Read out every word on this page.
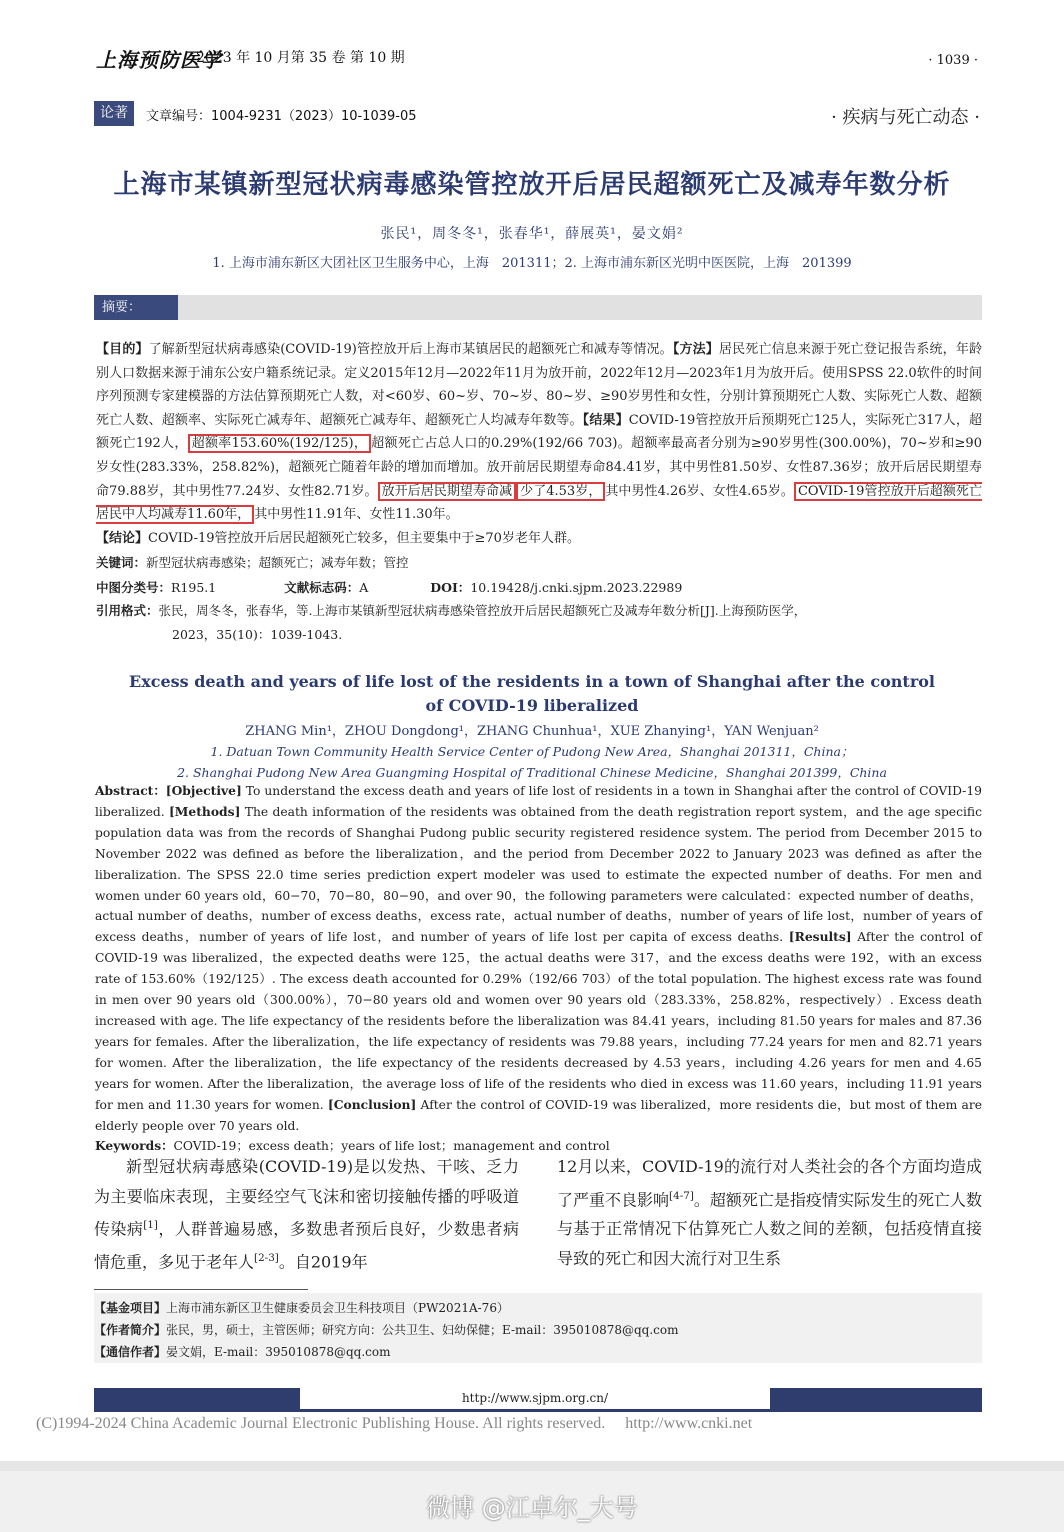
上海预防医学
2023 年 10 月第 35 卷 第 10 期	· 1039 ·
论著	文章编号：1004-9231（2023）10-1039-05	· 疾病与死亡动态 ·
上海市某镇新型冠状病毒感染管控放开后居民超额死亡及减寿年数分析
张民¹，周冬冬¹，张春华¹，薛展英¹，晏文娟²
1. 上海市浦东新区大团社区卫生服务中心，上海　201311；2. 上海市浦东新区光明中医医院，上海　201399
摘要：
【目的】了解新型冠状病毒感染(COVID-19)管控放开后上海市某镇居民的超额死亡和减寿等情况。【方法】居民死亡信息来源于死亡登记报告系统，年龄别人口数据来源于浦东公安户籍系统记录。定义2015年12月—2022年11月为放开前，2022年12月—2023年1月为放开后。使用SPSS 22.0软件的时间序列预测专家建模器的方法估算预期死亡人数，对<60岁、60~岁、70~岁、80~岁、≥90岁男性和女性，分别计算预期死亡人数、实际死亡人数、超额死亡人数、超额率、实际死亡减寿年、超额死亡减寿年、超额死亡人均减寿年数等。【结果】COVID-19管控放开后预期死亡125人，实际死亡317人，超额死亡192人， 超额率153.60%(192/125)， 超额死亡占总人口的0.29%(192/66 703)。超额率最高者分别为≥90岁男性(300.00%)，70~岁和≥90岁女性(283.33%，258.82%)，超额死亡随着年龄的增加而增加。放开前居民期望寿命84.41岁，其中男性81.50岁、女性87.36岁；放开后居民期望寿命79.88岁，其中男性77.24岁、女性82.71岁。 放开后居民期望寿命减 少了4.53岁， 其中男性4.26岁、女性4.65岁。 COVID-19管控放开后超额死亡居民中人均减寿11.60年， 其中男性11.91年、女性11.30年。
【结论】COVID-19管控放开后居民超额死亡较多，但主要集中于≥70岁老年人群。
关键词：新型冠状病毒感染；超额死亡；减寿年数；管控
中图分类号：R195.1	文献标志码：A	DOI：10.19428/j.cnki.sjpm.2023.22989
引用格式：张民，周冬冬，张春华，等.上海市某镇新型冠状病毒感染管控放开后居民超额死亡及减寿年数分析[J].上海预防医学，
2023，35(10)：1039-1043.
Excess death and years of life lost of the residents in a town of Shanghai after the control of COVID-19 liberalized
ZHANG Min¹，ZHOU Dongdong¹，ZHANG Chunhua¹，XUE Zhanying¹，YAN Wenjuan²
1. Datuan Town Community Health Service Center of Pudong New Area，Shanghai 201311，China；
2. Shanghai Pudong New Area Guangming Hospital of Traditional Chinese Medicine，Shanghai 201399，China
Abstract：[Objective] To understand the excess death and years of life lost of residents in a town in Shanghai after the control of COVID-19 liberalized. [Methods] The death information of the residents was obtained from the death registration report system，and the age specific population data was from the records of Shanghai Pudong public security registered residence system. The period from December 2015 to November 2022 was defined as before the liberalization，and the period from December 2022 to January 2023 was defined as after the liberalization. The SPSS 22.0 time series prediction expert modeler was used to estimate the expected number of deaths. For men and women under 60 years old，60−70，70−80，80−90，and over 90，the following parameters were calculated：expected number of deaths，actual number of deaths，number of excess deaths，excess rate，actual number of deaths，number of years of life lost，number of years of excess deaths，number of years of life lost，and number of years of life lost per capita of excess deaths. [Results] After the control of COVID-19 was liberalized，the expected deaths were 125，the actual deaths were 317，and the excess deaths were 192，with an excess rate of 153.60%（192/125）. The excess death accounted for 0.29%（192/66 703）of the total population. The highest excess rate was found in men over 90 years old（300.00%），70−80 years old and women over 90 years old（283.33%，258.82%，respectively）. Excess death increased with age. The life expectancy of the residents before the liberalization was 84.41 years，including 81.50 years for males and 87.36 years for females. After the liberalization，the life expectancy of residents was 79.88 years，including 77.24 years for men and 82.71 years for women. After the liberalization，the life expectancy of the residents decreased by 4.53 years，including 4.26 years for men and 4.65 years for women. After the liberalization，the average loss of life of the residents who died in excess was 11.60 years，including 11.91 years for men and 11.30 years for women. [Conclusion] After the control of COVID-19 was liberalized，more residents die，but most of them are elderly people over 70 years old.
Keywords：COVID-19；excess death；years of life lost；management and control
新型冠状病毒感染(COVID-19)是以发热、干咳、乏力为主要临床表现，主要经空气飞沫和密切接触传播的呼吸道传染病[1]，人群普遍易感，多数患者预后良好，少数患者病情危重，多见于老年人[2-3]。自2019年
12月以来，COVID-19的流行对人类社会的各个方面均造成了严重不良影响[4-7]。超额死亡是指疫情实际发生的死亡人数与基于正常情况下估算死亡人数之间的差额，包括疫情直接导致的死亡和因大流行对卫生系
【基金项目】上海市浦东新区卫生健康委员会卫生科技项目（PW2021A-76）
【作者简介】张民，男，硕士，主管医师；研究方向：公共卫生、妇幼保健；E-mail：395010878@qq.com
【通信作者】晏文娟，E-mail：395010878@qq.com
http://www.sjpm.org.cn/
(C)1994-2024 China Academic Journal Electronic Publishing House. All rights reserved.　 http://www.cnki.net
微博 @江卓尔_大号
